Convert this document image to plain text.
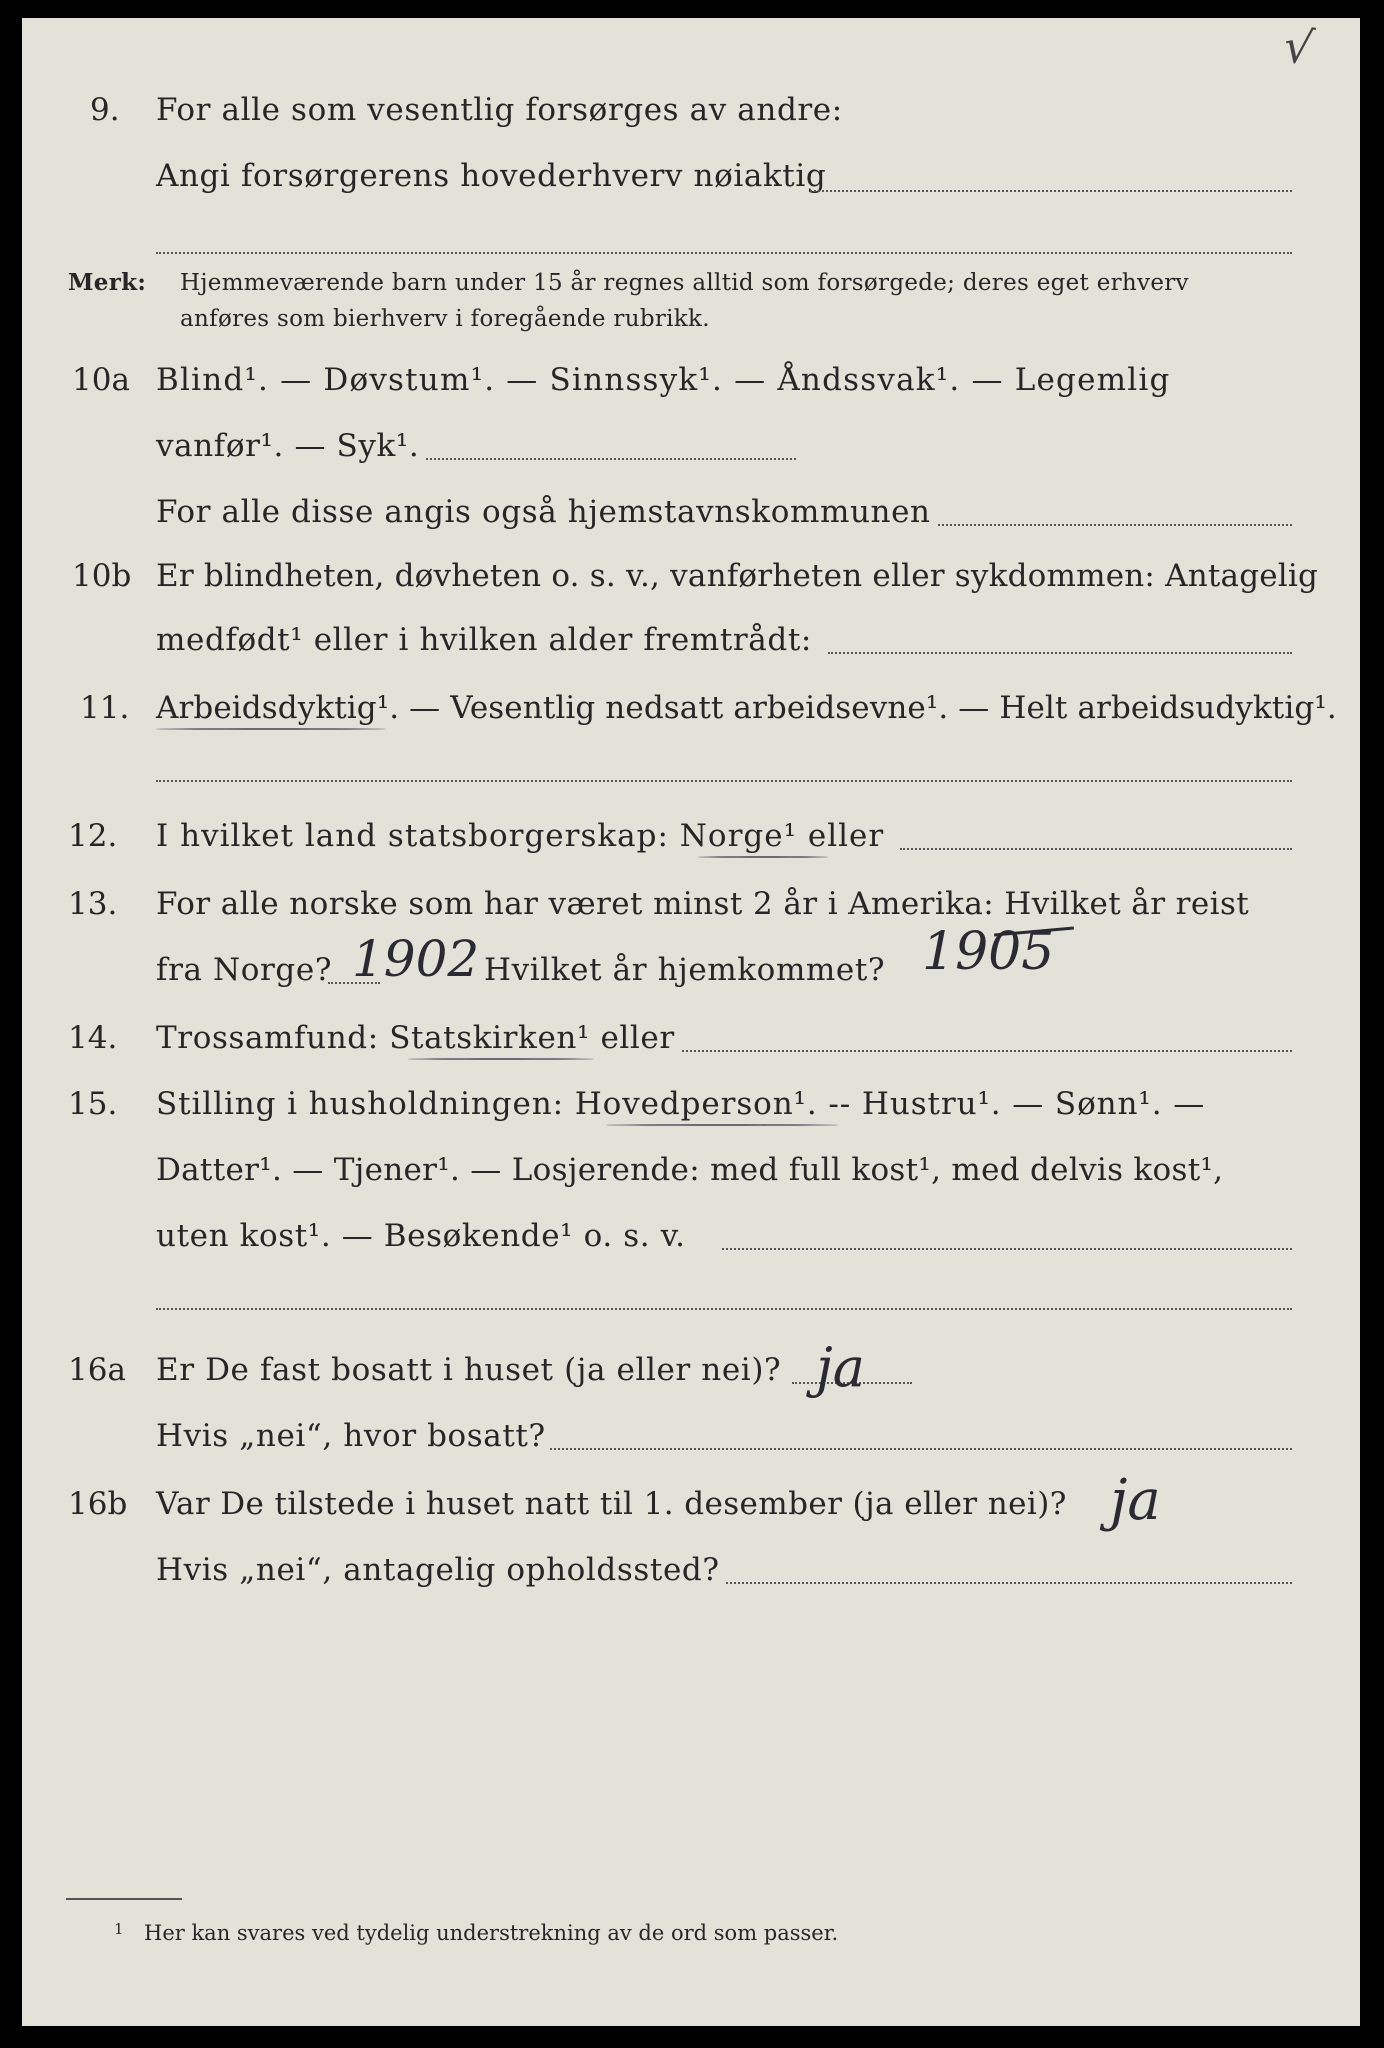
√
9. For alle som vesentlig forsørges av andre:
Angi forsørgerens hovederhverv nøiaktig
Merk: Hjemmeværende barn under 15 år regnes alltid som forsørgede; deres eget erhverv
anføres som bierhverv i foregående rubrikk.
10a Blind¹. — Døvstum¹. — Sinnssyk¹. — Åndssvak¹. — Legemlig
vanfør¹. — Syk¹.
For alle disse angis også hjemstavnskommunen
10b Er blindheten, døvheten o. s. v., vanførheten eller sykdommen: Antagelig
medfødt¹ eller i hvilken alder fremtrådt:
11. Arbeidsdyktig¹. — Vesentlig nedsatt arbeidsevne¹. — Helt arbeidsudyktig¹.
12. I hvilket land statsborgerskap: Norge¹ eller
13. For alle norske som har været minst 2 år i Amerika: Hvilket år reist
fra Norge? 1902 Hvilket år hjemkommet? 1905
14. Trossamfund: Statskirken¹ eller
15. Stilling i husholdningen: Hovedperson¹. -- Hustru¹. — Sønn¹. —
Datter¹. — Tjener¹. — Losjerende: med full kost¹, med delvis kost¹,
uten kost¹. — Besøkende¹ o. s. v.
16a Er De fast bosatt i huset (ja eller nei)? ja
Hvis „nei“, hvor bosatt?
16b Var De tilstede i huset natt til 1. desember (ja eller nei)? ja
Hvis „nei“, antagelig opholdssted?
1 Her kan svares ved tydelig understrekning av de ord som passer.
